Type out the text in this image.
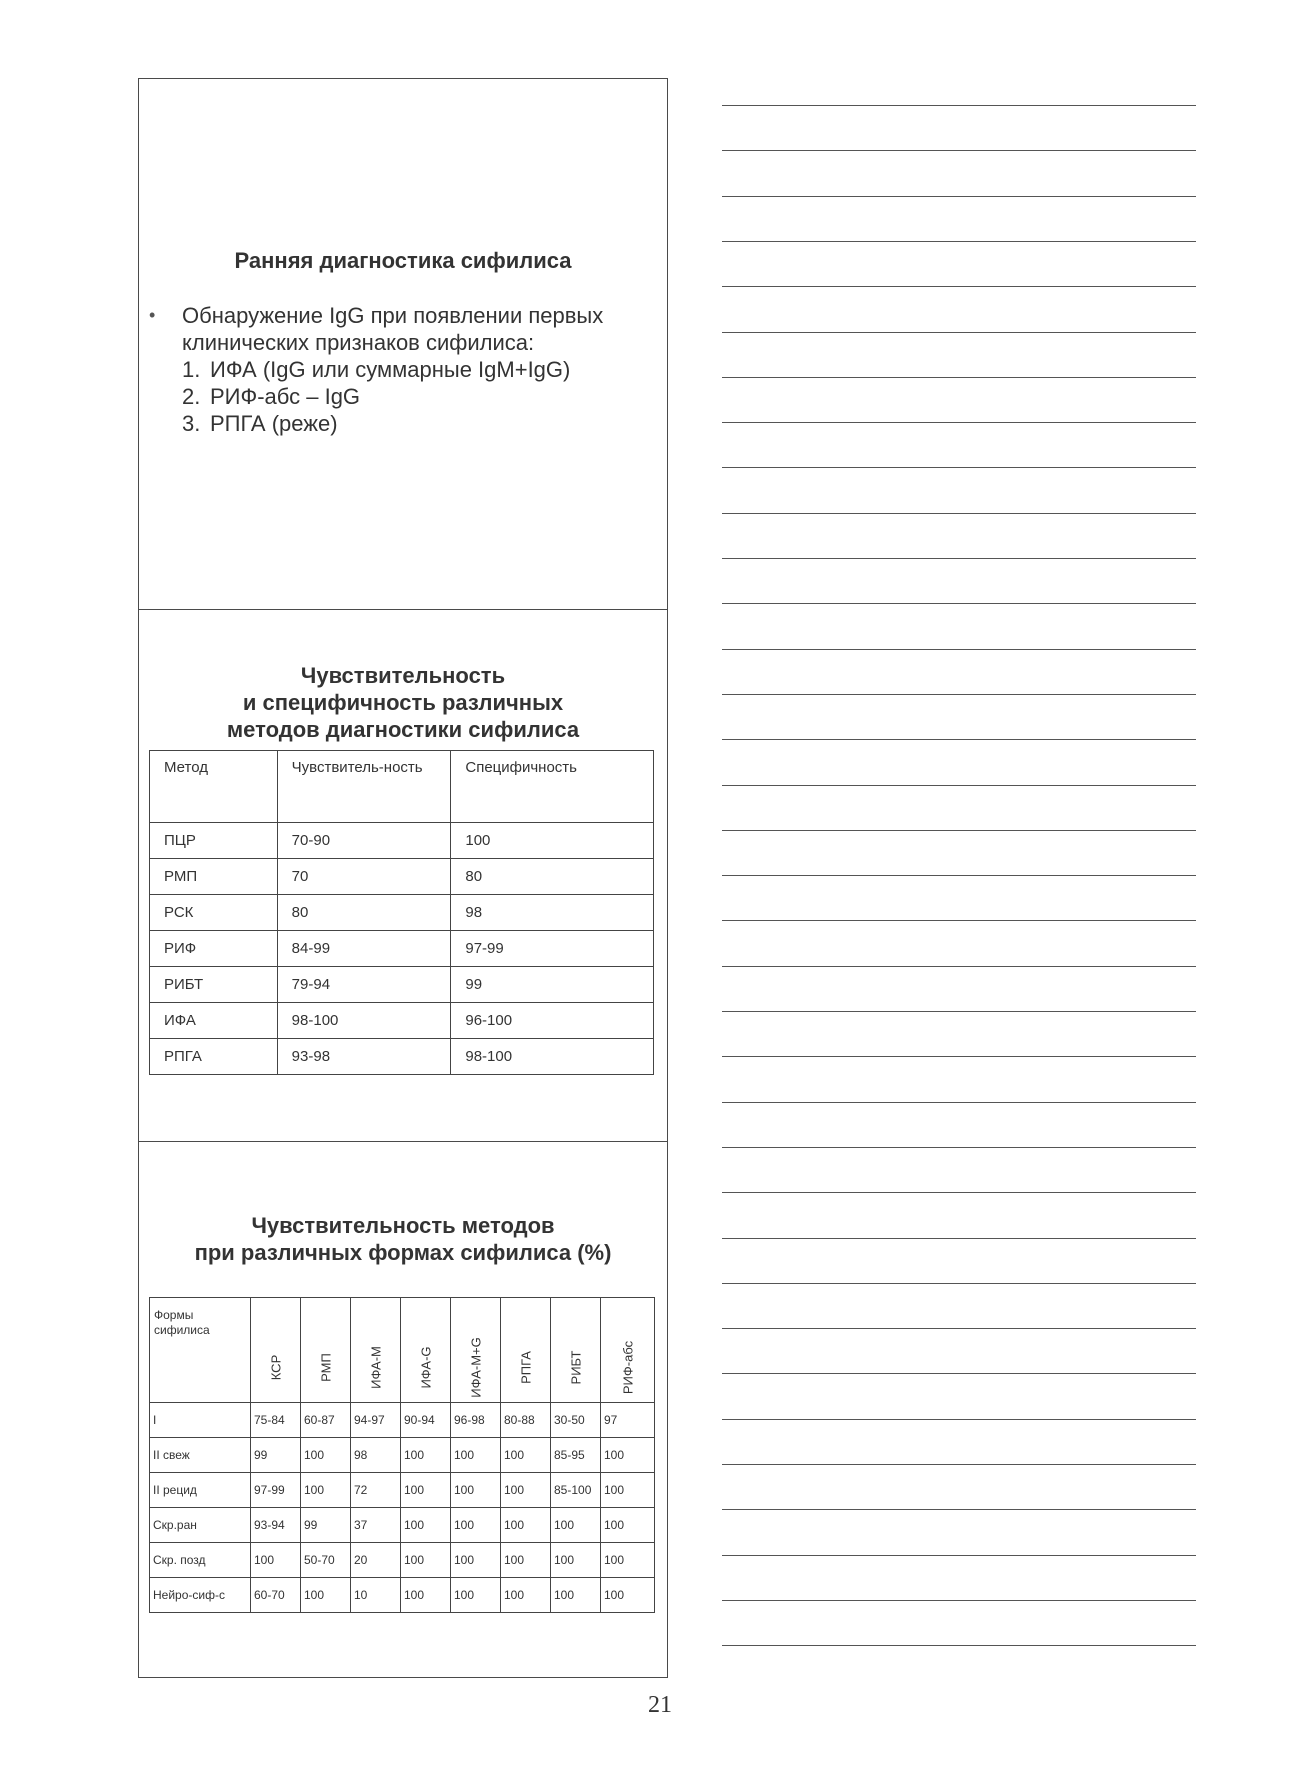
Ранняя диагностика сифилиса
• Обнаружение IgG при появлении первых клинических признаков сифилиса:
1. ИФА (IgG или суммарные IgM+IgG)
2. РИФ-абс – IgG
3. РПГА (реже)
Чувствительность
и специфичность различных
методов диагностики сифилиса
Метод	Чувствитель-ность	Специфичность
ПЦР	70-90	100
РМП	70	80
РСК	80	98
РИФ	84-99	97-99
РИБТ	79-94	99
ИФА	98-100	96-100
РПГА	93-98	98-100
Чувствительность методов
при различных формах сифилиса (%)
Формы сифилиса	КСР	РМП	ИФА-М	ИФА-G	ИФА-М+G	РПГА	РИБТ	РИФ-абс

I	75-84	60-87	94-97	90-94	96-98	80-88	30-50	97
II свеж	99	100	98	100	100	100	85-95	100
II рецид	97-99	100	72	100	100	100	85-100	100
Скр.ран	93-94	99	37	100	100	100	100	100
Скр. позд	100	50-70	20	100	100	100	100	100
Нейро-сиф-с	60-70	100	10	100	100	100	100	100
21
